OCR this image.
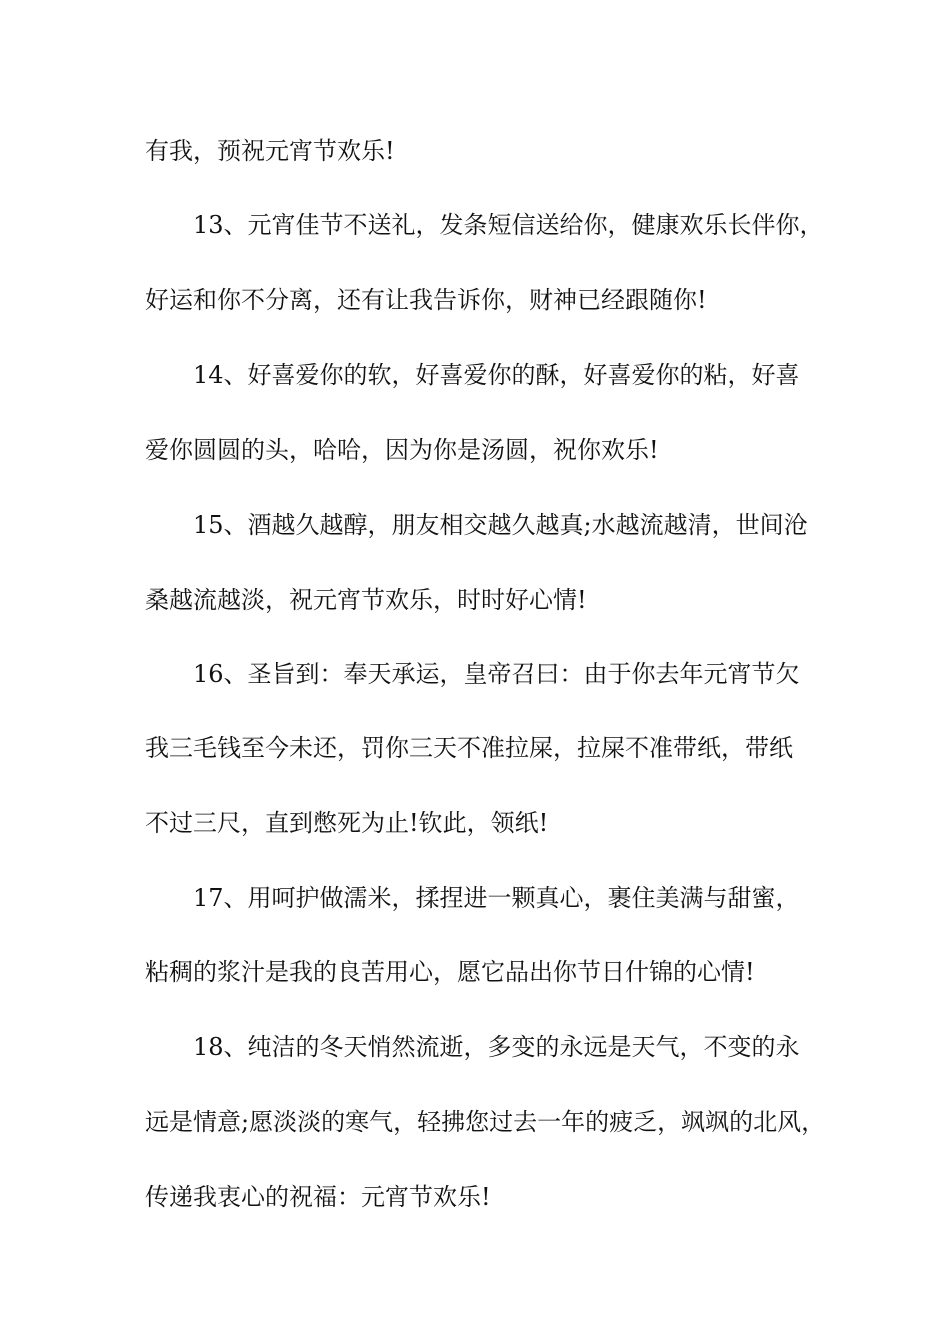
有我，预祝元宵节欢乐!
13、元宵佳节不送礼，发条短信送给你，健康欢乐长伴你，
好运和你不分离，还有让我告诉你，财神已经跟随你!
14、好喜爱你的软，好喜爱你的酥，好喜爱你的粘，好喜
爱你圆圆的头，哈哈，因为你是汤圆，祝你欢乐!
15、酒越久越醇，朋友相交越久越真;水越流越清，世间沧
桑越流越淡，祝元宵节欢乐，时时好心情!
16、圣旨到：奉天承运，皇帝召曰：由于你去年元宵节欠
我三毛钱至今未还，罚你三天不准拉屎，拉屎不准带纸，带纸
不过三尺，直到憋死为止!钦此，领纸!
17、用呵护做濡米，揉捏进一颗真心，裹住美满与甜蜜，
粘稠的浆汁是我的良苦用心，愿它品出你节日什锦的心情!
18、纯洁的冬天悄然流逝，多变的永远是天气，不变的永
远是情意;愿淡淡的寒气，轻拂您过去一年的疲乏，飒飒的北风，
传递我衷心的祝福：元宵节欢乐!
